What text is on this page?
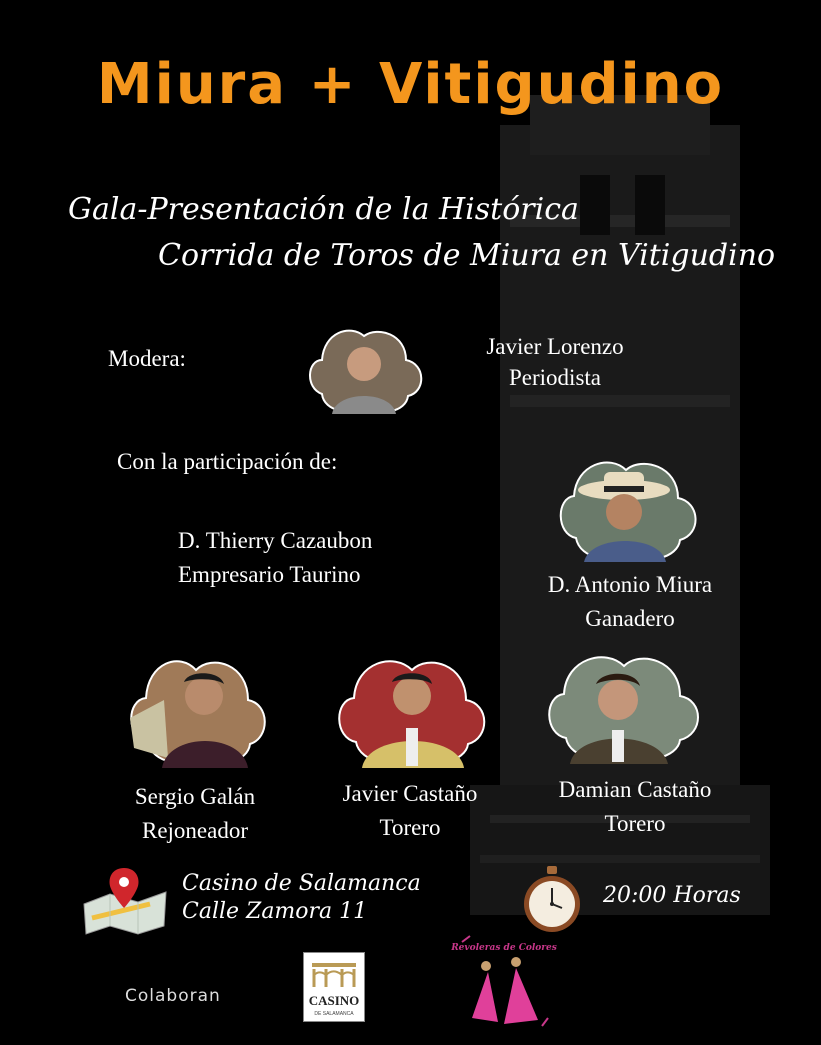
Miura + Vitigudino
Gala-Presentación de la Histórica
Corrida de Toros de Miura en Vitigudino
Modera:	Javier Lorenzo
Periodista
Con la participación de:
D. Thierry Cazaubon
Empresario Taurino	D. Antonio Miura
Ganadero
Sergio Galán
Rejoneador
Javier Castaño
Torero
Damian Castaño
Torero
Casino de Salamanca
Calle Zamora 11
20:00 Horas
Colaboran	CASINO
DE SALAMANCA
Revoleras de Colores
